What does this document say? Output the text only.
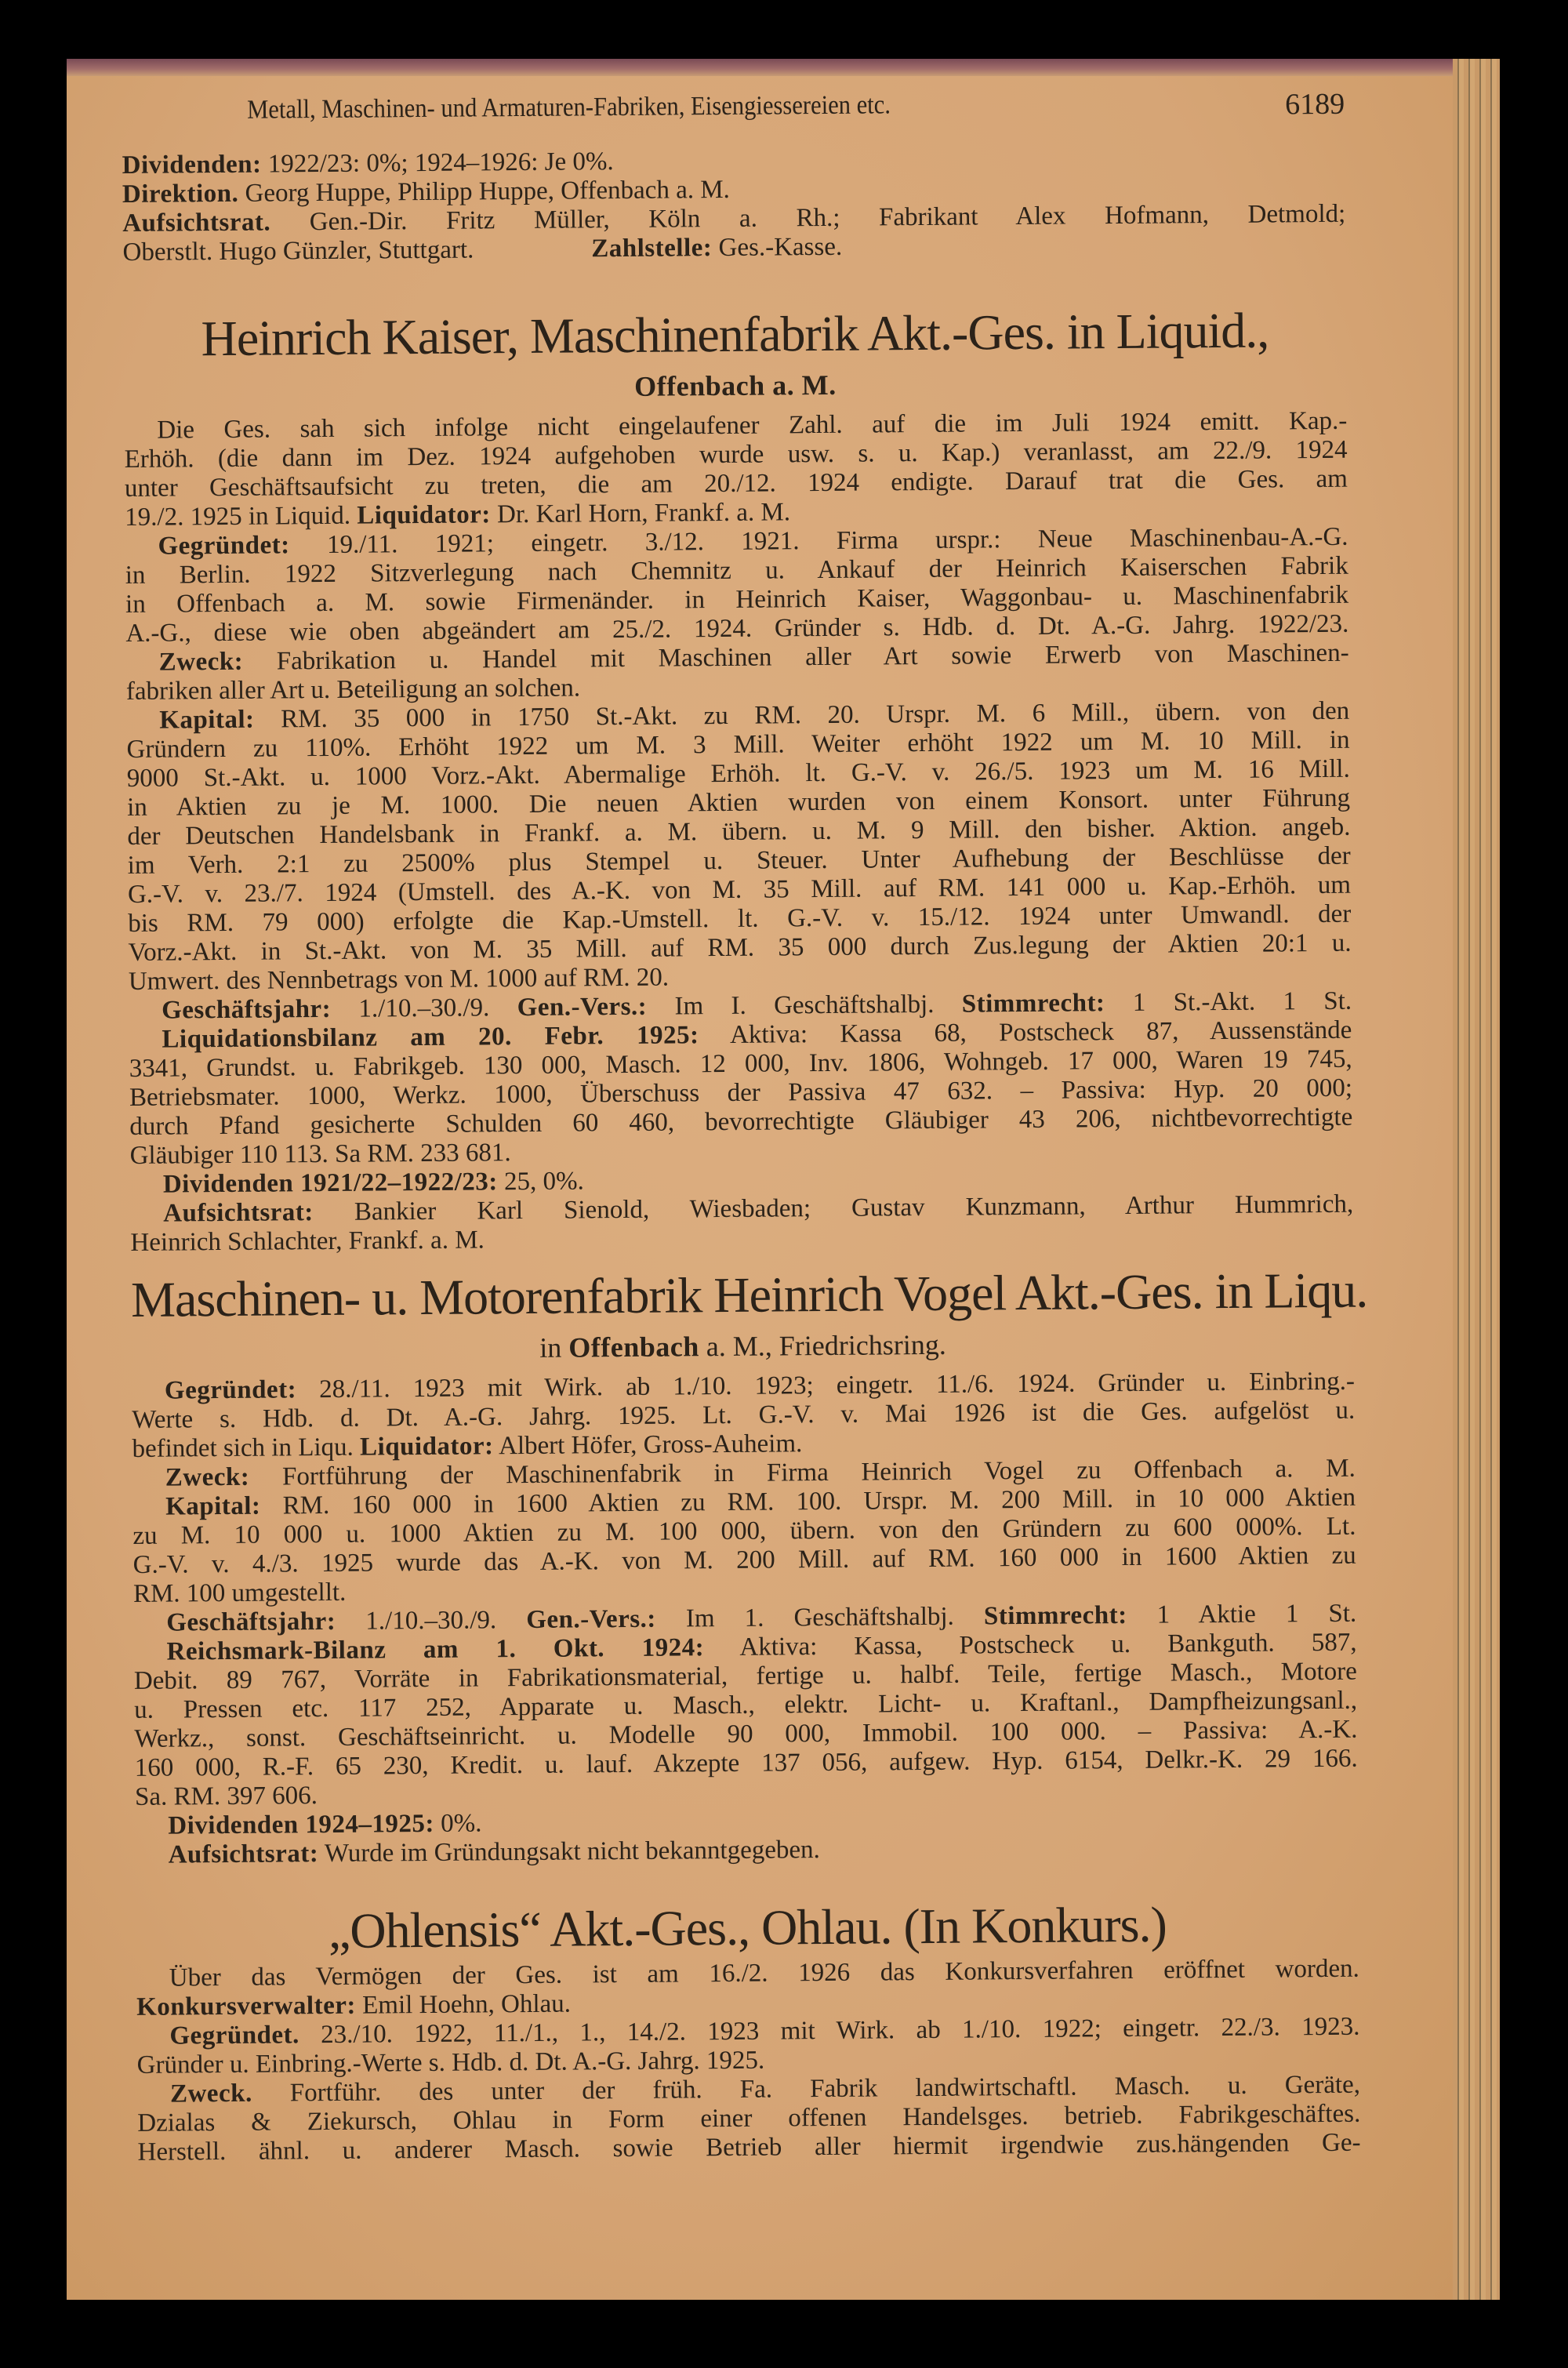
Metall, Maschinen- und Armaturen-Fabriken, Eisengiessereien etc.	6189
Dividenden: 1922/23: 0%; 1924–1926: Je 0%.
Direktion. Georg Huppe, Philipp Huppe, Offenbach a. M.
Aufsichtsrat. Gen.-Dir. Fritz Müller, Köln a. Rh.; Fabrikant Alex Hofmann, Detmold;
Oberstlt. Hugo Günzler, Stuttgart.	Zahlstelle: Ges.-Kasse.
Heinrich Kaiser, Maschinenfabrik Akt.-Ges. in Liquid.,
Offenbach a. M.
Die Ges. sah sich infolge nicht eingelaufener Zahl. auf die im Juli 1924 emitt. Kap.-
Erhöh. (die dann im Dez. 1924 aufgehoben wurde usw. s. u. Kap.) veranlasst, am 22./9. 1924
unter Geschäftsaufsicht zu treten, die am 20./12. 1924 endigte. Darauf trat die Ges. am
19./2. 1925 in Liquid. Liquidator: Dr. Karl Horn, Frankf. a. M.
Gegründet: 19./11. 1921; eingetr. 3./12. 1921. Firma urspr.: Neue Maschinenbau-A.-G.
in Berlin. 1922 Sitzverlegung nach Chemnitz u. Ankauf der Heinrich Kaiserschen Fabrik
in Offenbach a. M. sowie Firmenänder. in Heinrich Kaiser, Waggonbau- u. Maschinenfabrik
A.-G., diese wie oben abgeändert am 25./2. 1924. Gründer s. Hdb. d. Dt. A.-G. Jahrg. 1922/23.
Zweck: Fabrikation u. Handel mit Maschinen aller Art sowie Erwerb von Maschinen-
fabriken aller Art u. Beteiligung an solchen.
Kapital: RM. 35 000 in 1750 St.-Akt. zu RM. 20. Urspr. M. 6 Mill., übern. von den
Gründern zu 110%. Erhöht 1922 um M. 3 Mill. Weiter erhöht 1922 um M. 10 Mill. in
9000 St.-Akt. u. 1000 Vorz.-Akt. Abermalige Erhöh. lt. G.-V. v. 26./5. 1923 um M. 16 Mill.
in Aktien zu je M. 1000. Die neuen Aktien wurden von einem Konsort. unter Führung
der Deutschen Handelsbank in Frankf. a. M. übern. u. M. 9 Mill. den bisher. Aktion. angeb.
im Verh. 2:1 zu 2500% plus Stempel u. Steuer. Unter Aufhebung der Beschlüsse der
G.-V. v. 23./7. 1924 (Umstell. des A.-K. von M. 35 Mill. auf RM. 141 000 u. Kap.-Erhöh. um
bis RM. 79 000) erfolgte die Kap.-Umstell. lt. G.-V. v. 15./12. 1924 unter Umwandl. der
Vorz.-Akt. in St.-Akt. von M. 35 Mill. auf RM. 35 000 durch Zus.legung der Aktien 20:1 u.
Umwert. des Nennbetrags von M. 1000 auf RM. 20.
Geschäftsjahr: 1./10.–30./9. Gen.-Vers.: Im I. Geschäftshalbj. Stimmrecht: 1 St.-Akt. 1 St.
Liquidationsbilanz am 20. Febr. 1925: Aktiva: Kassa 68, Postscheck 87, Aussenstände
3341, Grundst. u. Fabrikgeb. 130 000, Masch. 12 000, Inv. 1806, Wohngeb. 17 000, Waren 19 745,
Betriebsmater. 1000, Werkz. 1000, Überschuss der Passiva 47 632. – Passiva: Hyp. 20 000;
durch Pfand gesicherte Schulden 60 460, bevorrechtigte Gläubiger 43 206, nichtbevorrechtigte
Gläubiger 110 113. Sa RM. 233 681.
Dividenden 1921/22–1922/23: 25, 0%.
Aufsichtsrat: Bankier Karl Sienold, Wiesbaden; Gustav Kunzmann, Arthur Hummrich,
Heinrich Schlachter, Frankf. a. M.
Maschinen- u. Motorenfabrik Heinrich Vogel Akt.-Ges. in Liqu.
in Offenbach a. M., Friedrichsring.
Gegründet: 28./11. 1923 mit Wirk. ab 1./10. 1923; eingetr. 11./6. 1924. Gründer u. Einbring.-
Werte s. Hdb. d. Dt. A.-G. Jahrg. 1925. Lt. G.-V. v. Mai 1926 ist die Ges. aufgelöst u.
befindet sich in Liqu. Liquidator: Albert Höfer, Gross-Auheim.
Zweck: Fortführung der Maschinenfabrik in Firma Heinrich Vogel zu Offenbach a. M.
Kapital: RM. 160 000 in 1600 Aktien zu RM. 100. Urspr. M. 200 Mill. in 10 000 Aktien
zu M. 10 000 u. 1000 Aktien zu M. 100 000, übern. von den Gründern zu 600 000%. Lt.
G.-V. v. 4./3. 1925 wurde das A.-K. von M. 200 Mill. auf RM. 160 000 in 1600 Aktien zu
RM. 100 umgestellt.
Geschäftsjahr: 1./10.–30./9. Gen.-Vers.: Im 1. Geschäftshalbj. Stimmrecht: 1 Aktie 1 St.
Reichsmark-Bilanz am 1. Okt. 1924: Aktiva: Kassa, Postscheck u. Bankguth. 587,
Debit. 89 767, Vorräte in Fabrikationsmaterial, fertige u. halbf. Teile, fertige Masch., Motore
u. Pressen etc. 117 252, Apparate u. Masch., elektr. Licht- u. Kraftanl., Dampfheizungsanl.,
Werkz., sonst. Geschäftseinricht. u. Modelle 90 000, Immobil. 100 000. – Passiva: A.-K.
160 000, R.-F. 65 230, Kredit. u. lauf. Akzepte 137 056, aufgew. Hyp. 6154, Delkr.-K. 29 166.
Sa. RM. 397 606.
Dividenden 1924–1925: 0%.
Aufsichtsrat: Wurde im Gründungsakt nicht bekanntgegeben.
„Ohlensis“ Akt.-Ges., Ohlau. (In Konkurs.)
Über das Vermögen der Ges. ist am 16./2. 1926 das Konkursverfahren eröffnet worden.
Konkursverwalter: Emil Hoehn, Ohlau.
Gegründet. 23./10. 1922, 11./1., 1., 14./2. 1923 mit Wirk. ab 1./10. 1922; eingetr. 22./3. 1923.
Gründer u. Einbring.-Werte s. Hdb. d. Dt. A.-G. Jahrg. 1925.
Zweck. Fortführ. des unter der früh. Fa. Fabrik landwirtschaftl. Masch. u. Geräte,
Dzialas & Ziekursch, Ohlau in Form einer offenen Handelsges. betrieb. Fabrikgeschäftes.
Herstell. ähnl. u. anderer Masch. sowie Betrieb aller hiermit irgendwie zus.hängenden Ge-
